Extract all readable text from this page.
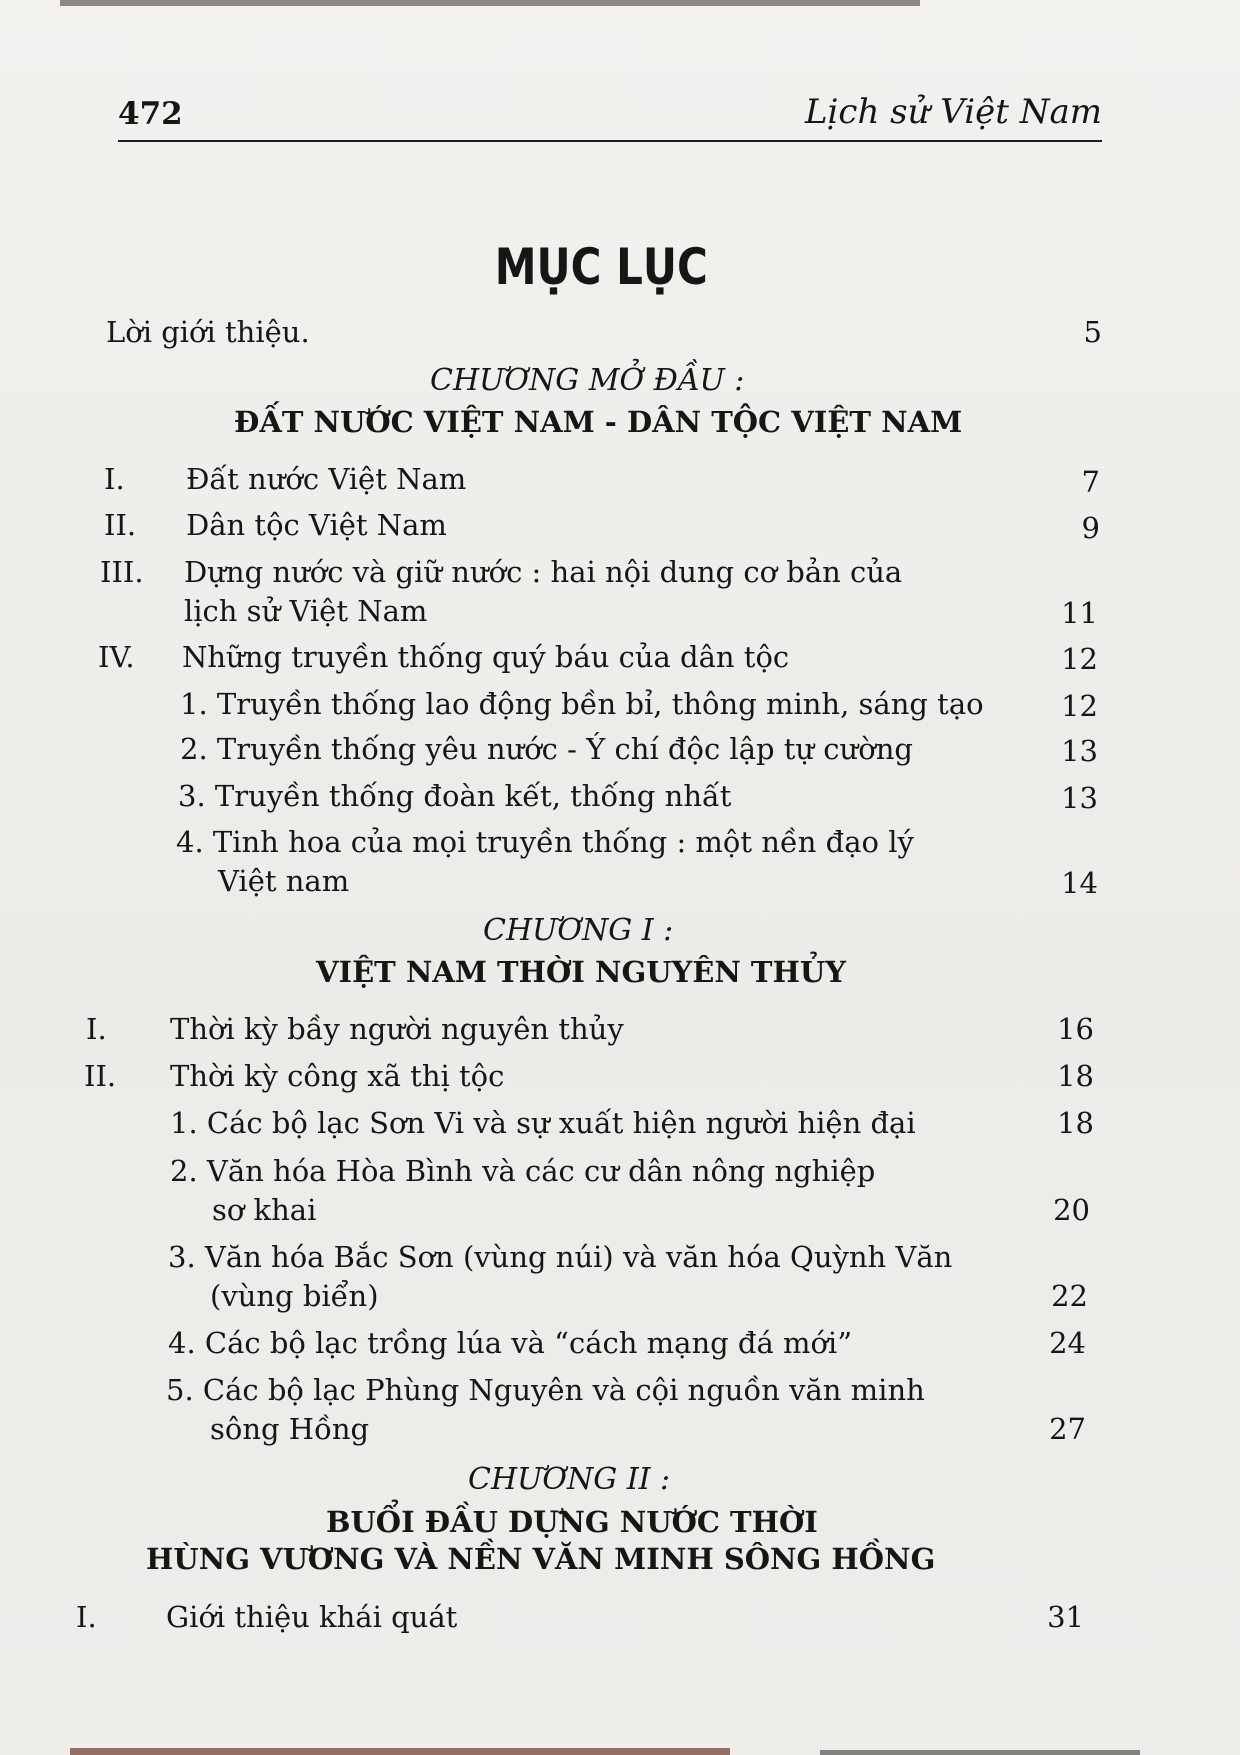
472	Lịch sử Việt Nam
MỤC LỤC
Lời giới thiệu.	5
CHƯƠNG MỞ ĐẦU :
ĐẤT NƯỚC VIỆT NAM - DÂN TỘC VIỆT NAM
I. Đất nước Việt Nam	7
II. Dân tộc Việt Nam	9
III. Dựng nước và giữ nước : hai nội dung cơ bản của
lịch sử Việt Nam	11
IV. Những truyền thống quý báu của dân tộc	12
1. Truyền thống lao động bền bỉ, thông minh, sáng tạo	12
2. Truyền thống yêu nước - Ý chí độc lập tự cường	13
3. Truyền thống đoàn kết, thống nhất	13
4. Tinh hoa của mọi truyền thống : một nền đạo lý
Việt nam	14
CHƯƠNG I :
VIỆT NAM THỜI NGUYÊN THỦY
I. Thời kỳ bầy người nguyên thủy	16
II. Thời kỳ công xã thị tộc	18
1. Các bộ lạc Sơn Vi và sự xuất hiện người hiện đại	18
2. Văn hóa Hòa Bình và các cư dân nông nghiệp
sơ khai	20
3. Văn hóa Bắc Sơn (vùng núi) và văn hóa Quỳnh Văn
(vùng biển)	22
4. Các bộ lạc trồng lúa và “cách mạng đá mới”	24
5. Các bộ lạc Phùng Nguyên và cội nguồn văn minh
sông Hồng	27
CHƯƠNG II :
BUỔI ĐẦU DỰNG NƯỚC THỜI
HÙNG VƯƠNG VÀ NỀN VĂN MINH SÔNG HỒNG
I. Giới thiệu khái quát	31
